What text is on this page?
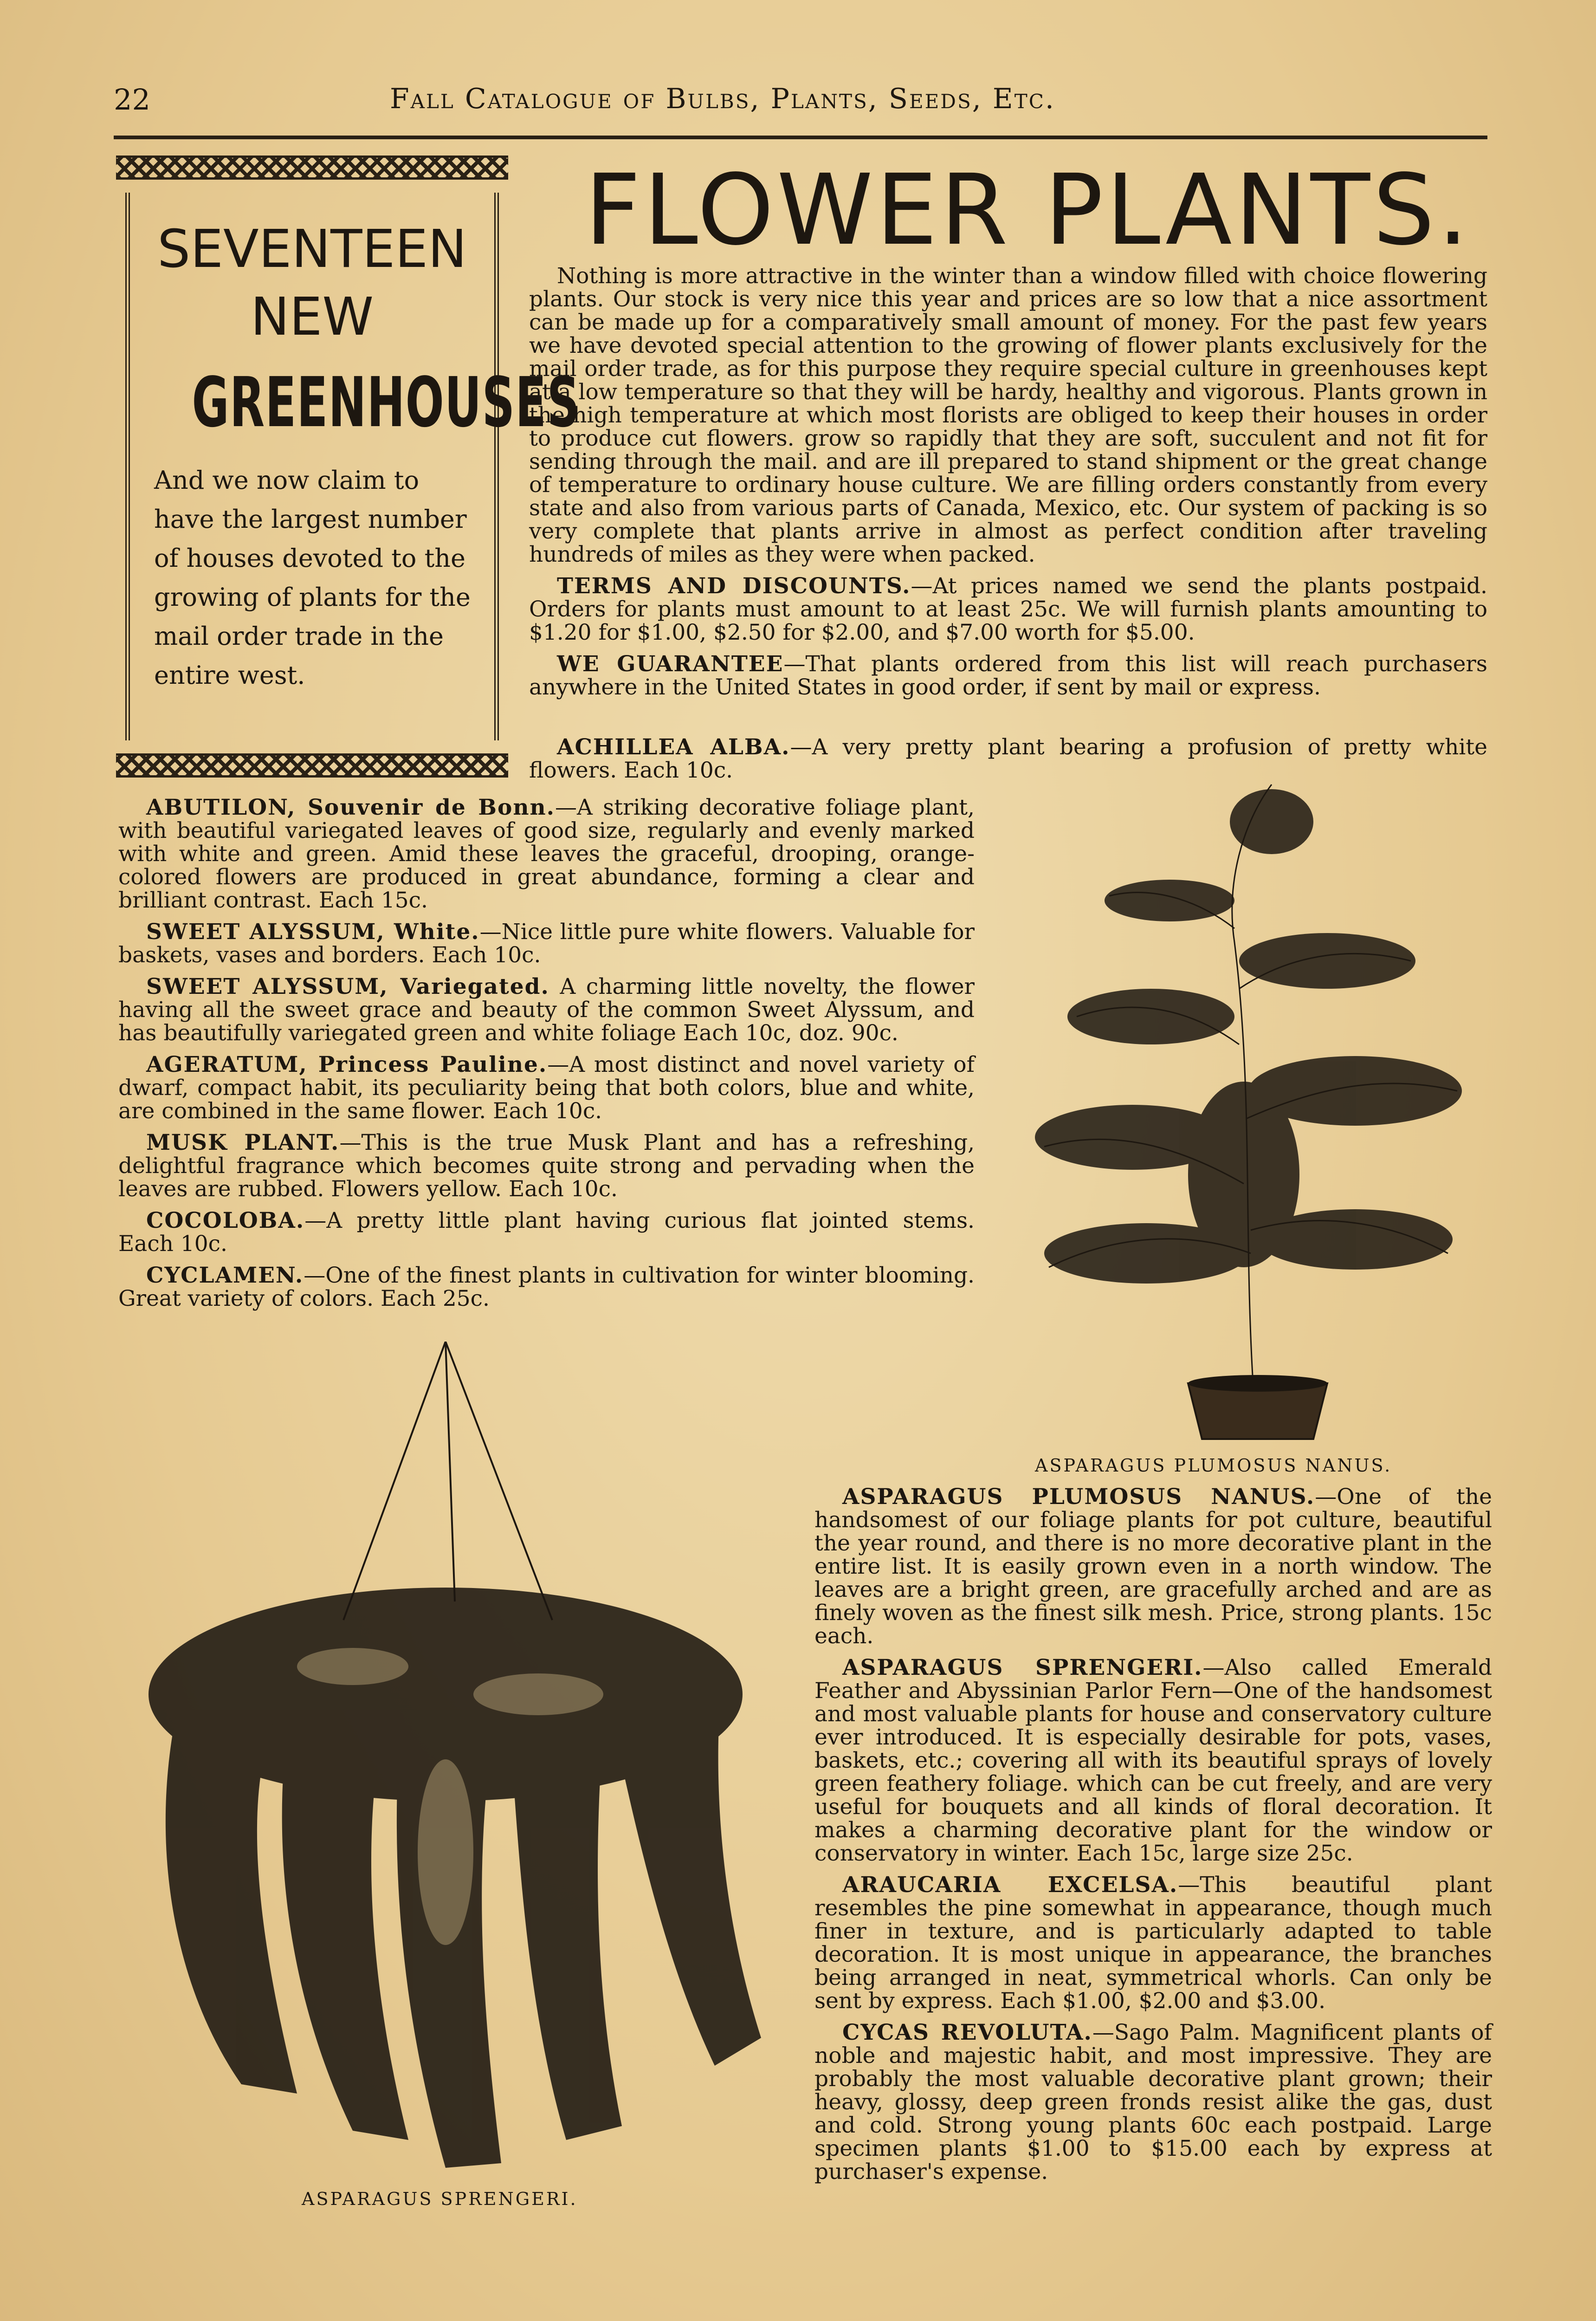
22	Fall Catalogue of Bulbs, Plants, Seeds, Etc.
SEVENTEEN
NEW
GREENHOUSES
And we now claim to have the largest number of houses devoted to the growing of plants for the mail order trade in the entire west.
FLOWER PLANTS.

Nothing is more attractive in the winter than a window filled with choice flowering plants. Our stock is very nice this year and prices are so low that a nice assortment can be made up for a comparatively small amount of money. For the past few years we have devoted special attention to the growing of flower plants exclusively for the mail order trade, as for this purpose they require special culture in greenhouses kept at a low temperature so that they will be hardy, healthy and vigorous. Plants grown in the high temperature at which most florists are obliged to keep their houses in order to produce cut flowers. grow so rapidly that they are soft, succulent and not fit for sending through the mail. and are ill prepared to stand shipment or the great change of temperature to ordinary house culture. We are filling orders constantly from every state and also from various parts of Canada, Mexico, etc. Our system of packing is so very complete that plants arrive in almost as perfect condition after traveling hundreds of miles as they were when packed.

TERMS AND DISCOUNTS.—At prices named we send the plants postpaid. Orders for plants must amount to at least 25c. We will furnish plants amounting to $1.20 for $1.00, $2.50 for $2.00, and $7.00 worth for $5.00.

WE GUARANTEE—That plants ordered from this list will reach purchasers anywhere in the United States in good order, if sent by mail or express.

ACHILLEA ALBA.—A very pretty plant bearing a profusion of pretty white flowers. Each 10c.

ABUTILON, Souvenir de Bonn.—A striking decorative foliage plant, with beautiful variegated leaves of good size, regularly and evenly marked with white and green. Amid these leaves the graceful, drooping, orange-colored flowers are produced in great abundance, forming a clear and brilliant contrast. Each 15c.

SWEET ALYSSUM, White.—Nice little pure white flowers. Valuable for baskets, vases and borders. Each 10c.

SWEET ALYSSUM, Variegated. A charming little novelty, the flower having all the sweet grace and beauty of the common Sweet Alyssum, and has beautifully variegated green and white foliage Each 10c, doz. 90c.

AGERATUM, Princess Pauline.—A most distinct and novel variety of dwarf, compact habit, its peculiarity being that both colors, blue and white, are combined in the same flower. Each 10c.

MUSK PLANT.—This is the true Musk Plant and has a refreshing, delightful fragrance which becomes quite strong and pervading when the leaves are rubbed. Flowers yellow. Each 10c.

COCOLOBA.—A pretty little plant having curious flat jointed stems. Each 10c.

CYCLAMEN.—One of the finest plants in cultivation for winter blooming. Great variety of colors. Each 25c.

ASPARAGUS PLUMOSUS NANUS.
ASPARAGUS SPRENGERI.

ASPARAGUS PLUMOSUS NANUS.—One of the handsomest of our foliage plants for pot culture, beautiful the year round, and there is no more decorative plant in the entire list. It is easily grown even in a north window. The leaves are a bright green, are gracefully arched and are as finely woven as the finest silk mesh. Price, strong plants. 15c each.

ASPARAGUS SPRENGERI.—Also called Emerald Feather and Abyssinian Parlor Fern—One of the handsomest and most valuable plants for house and conservatory culture ever introduced. It is especially desirable for pots, vases, baskets, etc.; covering all with its beautiful sprays of lovely green feathery foliage. which can be cut freely, and are very useful for bouquets and all kinds of floral decoration. It makes a charming decorative plant for the window or conservatory in winter. Each 15c, large size 25c.

ARAUCARIA EXCELSA.—This beautiful plant resembles the pine somewhat in appearance, though much finer in texture, and is particularly adapted to table decoration. It is most unique in appearance, the branches being arranged in neat, symmetrical whorls. Can only be sent by express. Each $1.00, $2.00 and $3.00.

CYCAS REVOLUTA.—Sago Palm. Magnificent plants of noble and majestic habit, and most impressive. They are probably the most valuable decorative plant grown; their heavy, glossy, deep green fronds resist alike the gas, dust and cold. Strong young plants 60c each postpaid. Large specimen plants $1.00 to $15.00 each by express at purchaser's expense.
